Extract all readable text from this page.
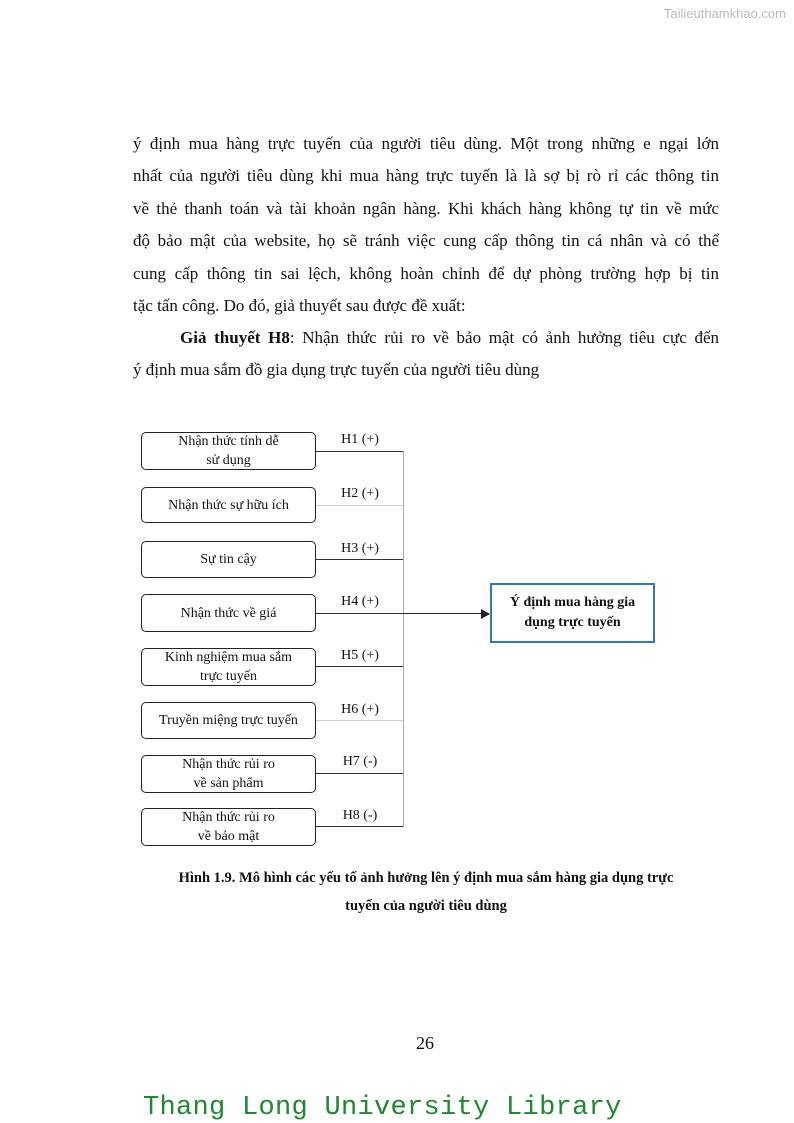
Tailieuthamkhao.com
ý định mua hàng trực tuyến của người tiêu dùng. Một trong những e ngại lớn
nhất của người tiêu dùng khi mua hàng trực tuyến là là sợ bị rò rỉ các thông tin
về thẻ thanh toán và tài khoản ngân hàng. Khi khách hàng không tự tin về mức
độ bảo mật của website, họ sẽ tránh việc cung cấp thông tin cá nhân và có thể
cung cấp thông tin sai lệch, không hoàn chỉnh để dự phòng trường hợp bị tin
tặc tấn công. Do đó, giả thuyết sau được đề xuất:
Giả thuyết H8: Nhận thức rủi ro về bảo mật có ảnh hưởng tiêu cực đến
ý định mua sắm đồ gia dụng trực tuyến của người tiêu dùng
Nhận thức tính dễ
sử dụng
H1 (+)
Nhận thức sự hữu ích
H2 (+)
Sự tin cậy
H3 (+)
Nhận thức về giá
H4 (+)
Kinh nghiệm mua sắm
trực tuyến
H5 (+)
Truyền miệng trực tuyến
H6 (+)
Nhận thức rủi ro
về sản phẩm
H7 (-)
Nhận thức rủi ro
về bảo mật
H8 (-)
Ý định mua hàng gia
dụng trực tuyến
Hình 1.9. Mô hình các yếu tố ảnh hưởng lên ý định mua sắm hàng gia dụng trực
tuyến của người tiêu dùng
26
Thang Long University Library
